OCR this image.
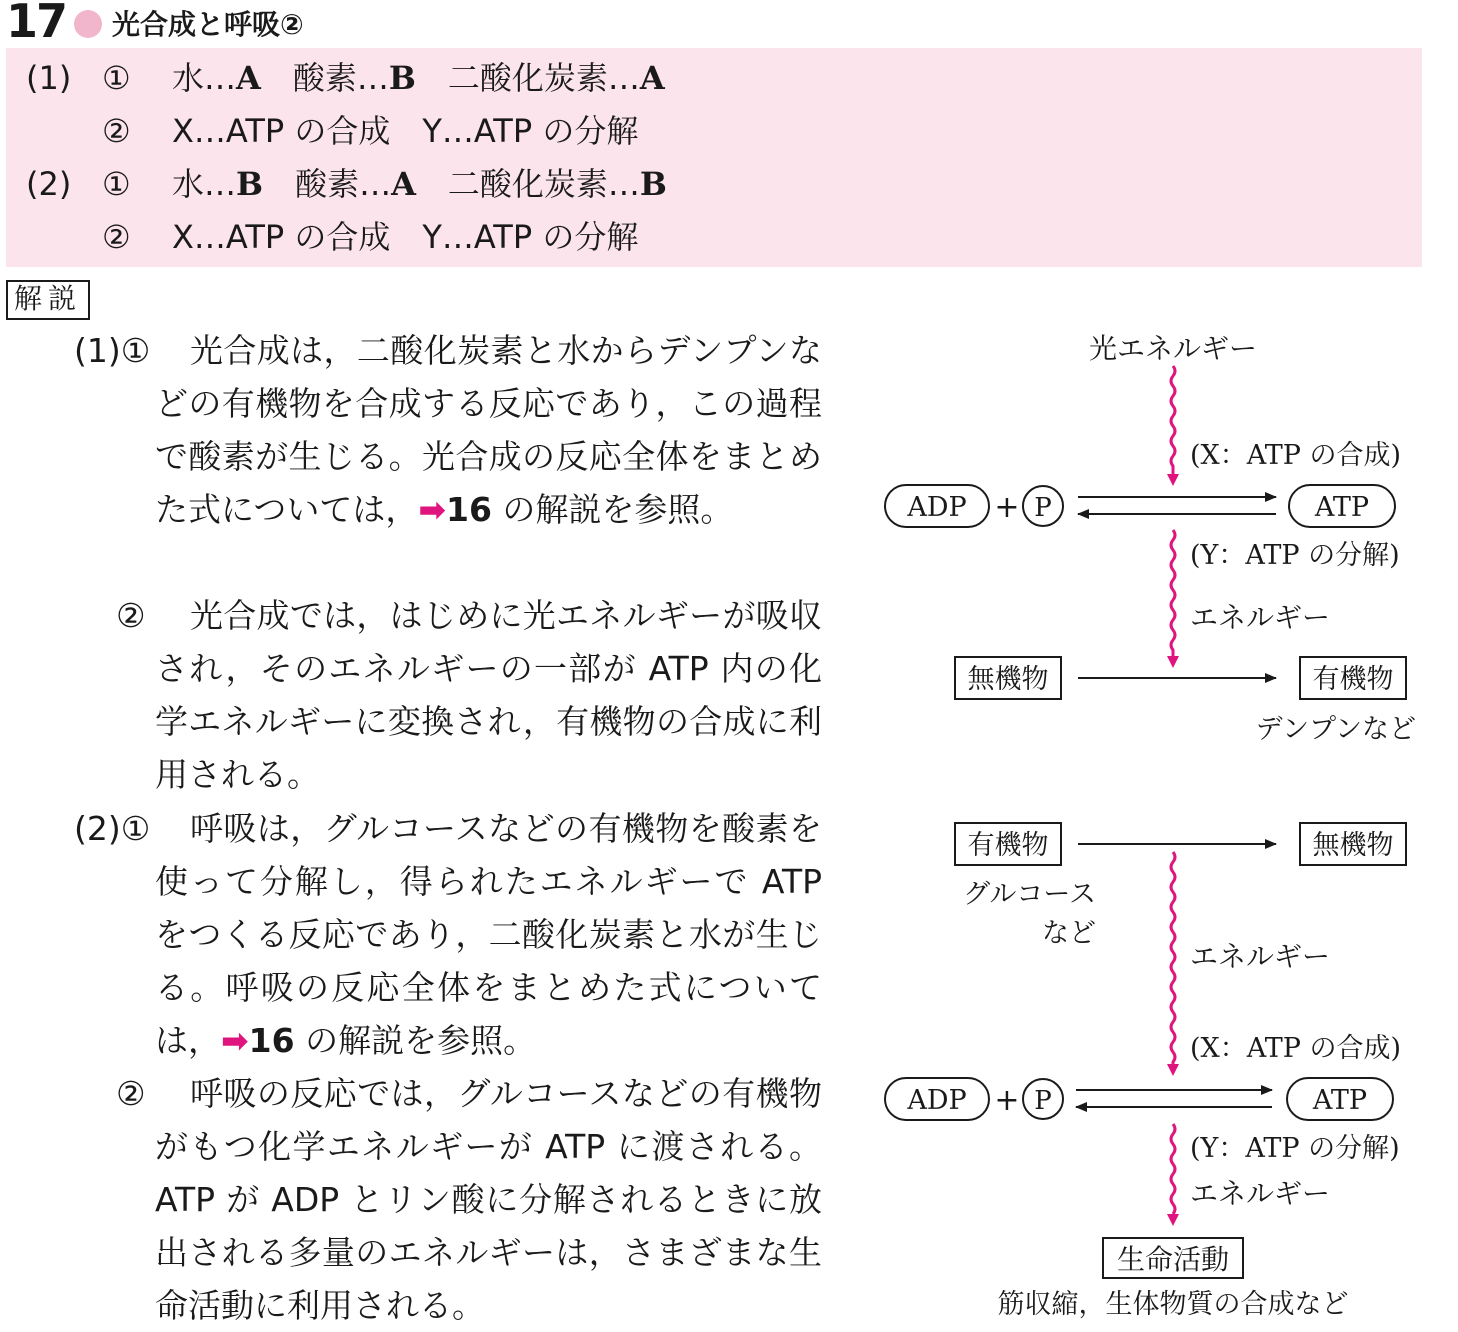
17 光合成と呼吸②
(1) ① 水…A　酸素…B　二酸化炭素…A
② X…ATP の合成　Y…ATP の分解
(2) ① 水…B　酸素…A　二酸化炭素…B
② X…ATP の合成　Y…ATP の分解
解説
(1)①	光合成は，二酸化炭素と水からデンプンなどの有機物を合成する反応であり，この過程で酸素が生じる。光合成の反応全体をまとめた式については，➡16 の解説を参照。
②	光合成では，はじめに光エネルギーが吸収され，そのエネルギーの一部が ATP 内の化学エネルギーに変換され，有機物の合成に利用される。
(2)①	呼吸は，グルコースなどの有機物を酸素を使って分解し，得られたエネルギーで ATP をつくる反応であり，二酸化炭素と水が生じる。呼吸の反応全体をまとめた式については，➡16 の解説を参照。
②	呼吸の反応では，グルコースなどの有機物がもつ化学エネルギーが ATP に渡される。ATP が ADP とリン酸に分解されるときに放出される多量のエネルギーは，さまざまな生命活動に利用される。
光エネルギー
(X：ATP の合成)
ADP + P	ATP
(Y：ATP の分解)
エネルギー
無機物	有機物
デンプンなど
有機物	無機物
グルコース
など
エネルギー
(X：ATP の合成)
ADP + P	ATP
(Y：ATP の分解)
エネルギー
生命活動
筋収縮，生体物質の合成など
